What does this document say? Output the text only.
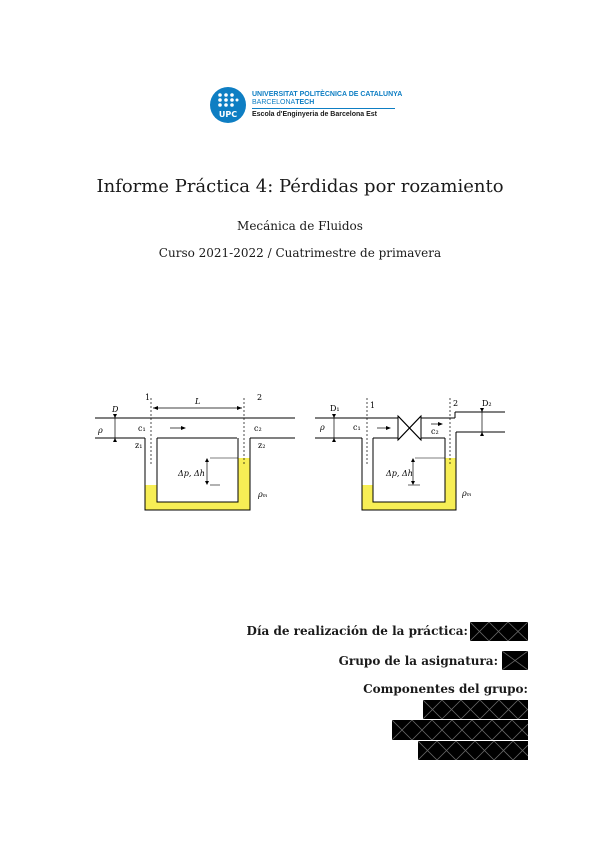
UPC
UNIVERSITAT POLITÈCNICA DE CATALUNYA
BARCELONATECH
Escola d'Enginyeria de Barcelona Est
Informe Práctica 4: Pérdidas por rozamiento
Mecánica de Fluidos
Curso 2021-2022 / Cuatrimestre de primavera
1	2
L
D
ρ	c₁	c₂
z₁	z₂
Δp, Δh
ρₘ
1	2
D₁
D₂
ρ	c₁	c₂
Δp, Δh
ρₘ
Día de realización de la práctica:
Grupo de la asignatura:
Componentes del grupo:
